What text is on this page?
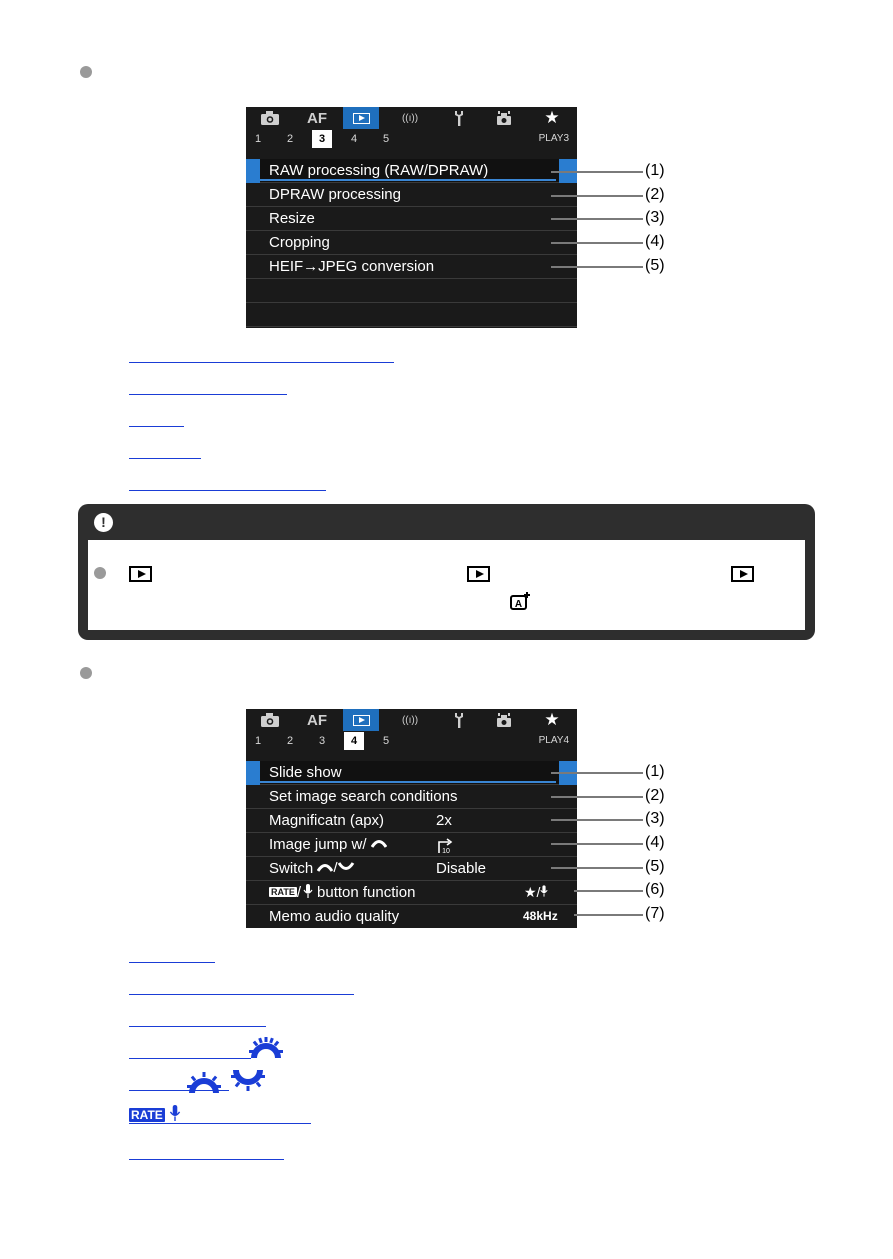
AF	((ı))	★
1	2	3	4	5	PLAY3
RAW processing (RAW/DPRAW)
DPRAW processing
Resize
Cropping
HEIF→JPEG conversion
(1)
(2)
(3)
(4)
(5)
!
A
AF	((ı))	★
1	2	3	4	5	PLAY4
Slide show
Set image search conditions
Magnificatn (apx)	2x
Image jump w/	10
Switch	Disable
RATE / button function	★/
Memo audio quality	48kHz
(1)
(2)
(3)
(4)
(5)
(6)
(7)
RATE
